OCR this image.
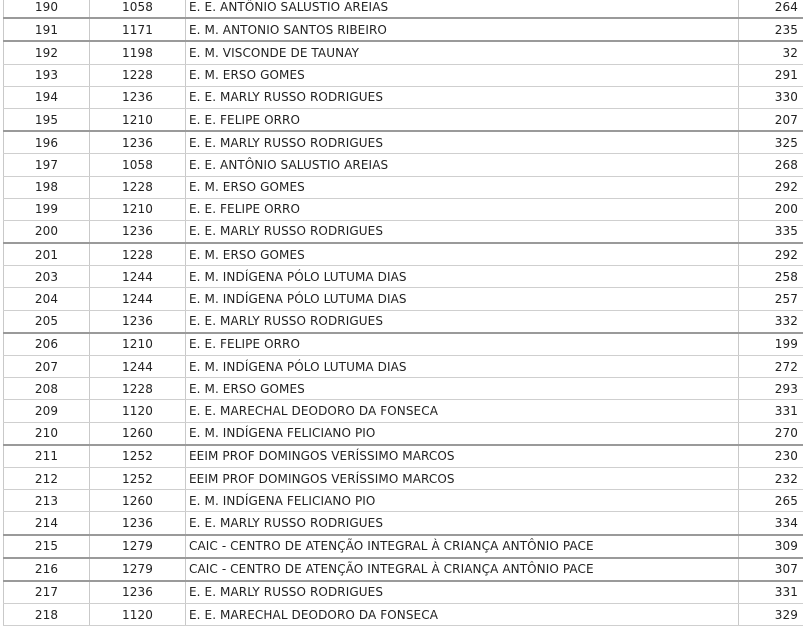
190	1058	E. E. ANTÔNIO SALUSTIO AREIAS	264
191	1171	E. M. ANTONIO SANTOS RIBEIRO	235
192	1198	E. M. VISCONDE DE TAUNAY	32
193	1228	E. M. ERSO GOMES	291
194	1236	E. E. MARLY RUSSO RODRIGUES	330
195	1210	E. E. FELIPE ORRO	207
196	1236	E. E. MARLY RUSSO RODRIGUES	325
197	1058	E. E. ANTÔNIO SALUSTIO AREIAS	268
198	1228	E. M. ERSO GOMES	292
199	1210	E. E. FELIPE ORRO	200
200	1236	E. E. MARLY RUSSO RODRIGUES	335
201	1228	E. M. ERSO GOMES	292
203	1244	E. M. INDÍGENA PÓLO LUTUMA DIAS	258
204	1244	E. M. INDÍGENA PÓLO LUTUMA DIAS	257
205	1236	E. E. MARLY RUSSO RODRIGUES	332
206	1210	E. E. FELIPE ORRO	199
207	1244	E. M. INDÍGENA PÓLO LUTUMA DIAS	272
208	1228	E. M. ERSO GOMES	293
209	1120	E. E. MARECHAL DEODORO DA FONSECA	331
210	1260	E. M. INDÍGENA FELICIANO PIO	270
211	1252	EEIM PROF DOMINGOS VERÍSSIMO MARCOS	230
212	1252	EEIM PROF DOMINGOS VERÍSSIMO MARCOS	232
213	1260	E. M. INDÍGENA FELICIANO PIO	265
214	1236	E. E. MARLY RUSSO RODRIGUES	334
215	1279	CAIC - CENTRO DE ATENÇÃO INTEGRAL À CRIANÇA ANTÔNIO PACE	309
216	1279	CAIC - CENTRO DE ATENÇÃO INTEGRAL À CRIANÇA ANTÔNIO PACE	307
217	1236	E. E. MARLY RUSSO RODRIGUES	331
218	1120	E. E. MARECHAL DEODORO DA FONSECA	329
